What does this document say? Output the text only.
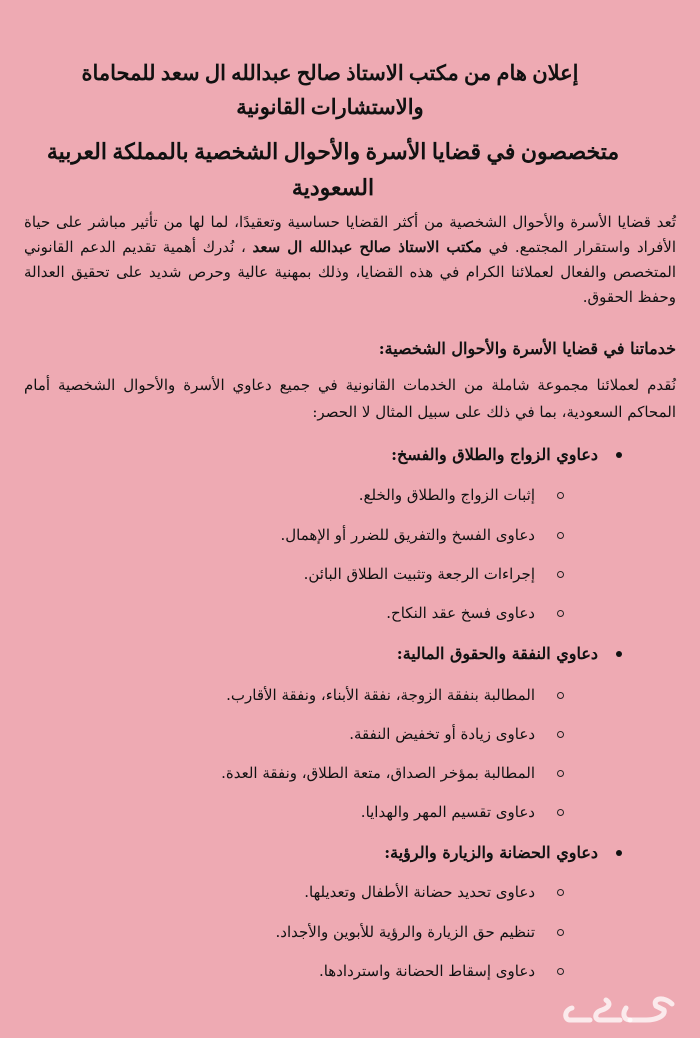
إعلان هام من مكتب الاستاذ صالح عبدالله ال سعد للمحاماة
والاستشارات القانونية
متخصصون في قضايا الأسرة والأحوال الشخصية بالمملكة العربية
السعودية
تُعد قضايا الأسرة والأحوال الشخصية من أكثر القضايا حساسية وتعقيدًا، لما لها من تأثير مباشر على حياة الأفراد واستقرار المجتمع. في مكتب الاستاذ صالح عبدالله ال سعد ، نُدرك أهمية تقديم الدعم القانوني المتخصص والفعال لعملائنا الكرام في هذه القضايا، وذلك بمهنية عالية وحرص شديد على تحقيق العدالة وحفظ الحقوق.
خدماتنا في قضايا الأسرة والأحوال الشخصية:
نُقدم لعملائنا مجموعة شاملة من الخدمات القانونية في جميع دعاوي الأسرة والأحوال الشخصية أمام المحاكم السعودية، بما في ذلك على سبيل المثال لا الحصر:
دعاوي الزواج والطلاق والفسخ:
إثبات الزواج والطلاق والخلع.
دعاوى الفسخ والتفريق للضرر أو الإهمال.
إجراءات الرجعة وتثبيت الطلاق البائن.
دعاوى فسخ عقد النكاح.
دعاوي النفقة والحقوق المالية:
المطالبة بنفقة الزوجة، نفقة الأبناء، ونفقة الأقارب.
دعاوى زيادة أو تخفيض النفقة.
المطالبة بمؤخر الصداق، متعة الطلاق، ونفقة العدة.
دعاوى تقسيم المهر والهدايا.
دعاوي الحضانة والزيارة والرؤية:
دعاوى تحديد حضانة الأطفال وتعديلها.
تنظيم حق الزيارة والرؤية للأبوين والأجداد.
دعاوى إسقاط الحضانة واستردادها.
